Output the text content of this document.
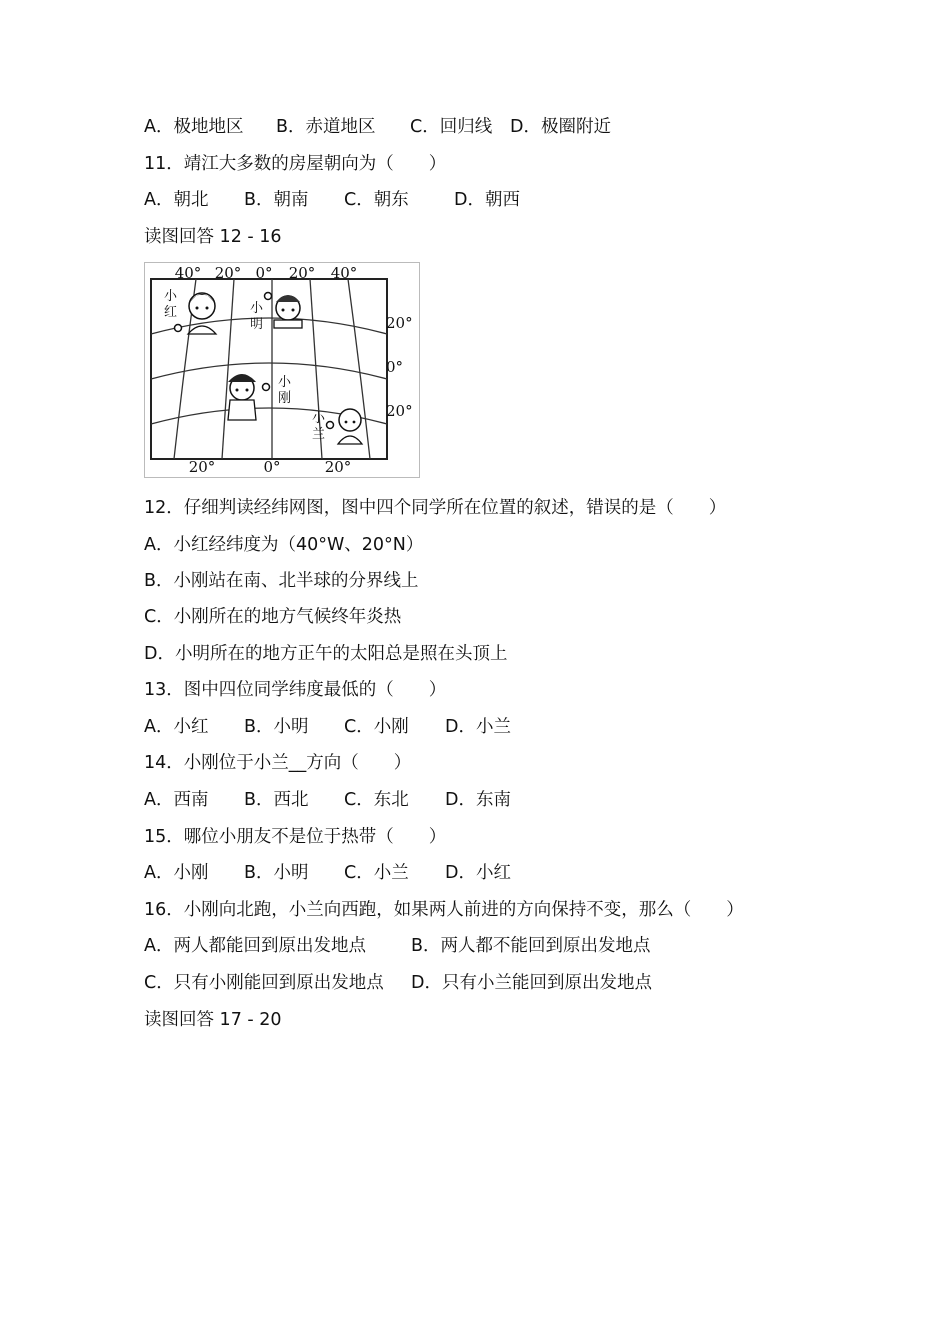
A．极地地区 B．赤道地区 C．回归线 D．极圈附近
11．靖江大多数的房屋朝向为（　　）
A．朝北 B．朝南 C．朝东	D．朝西
读图回答 12 - 16
40° 20° 0° 20° 40°
20°
0°
20°
20°	0°	20°
小
红	小
明
小
刚
小
兰
12．仔细判读经纬网图，图中四个同学所在位置的叙述，错误的是（　　）
A．小红经纬度为（40°W、20°N）
B．小刚站在南、北半球的分界线上
C．小刚所在的地方气候终年炎热
D．小明所在的地方正午的太阳总是照在头顶上
13．图中四位同学纬度最低的（　　）
A．小红 B．小明 C．小刚 D．小兰
14．小刚位于小兰__方向（　　）
A．西南 B．西北 C．东北 D．东南
15．哪位小朋友不是位于热带（　　）
A．小刚 B．小明 C．小兰 D．小红
16．小刚向北跑，小兰向西跑，如果两人前进的方向保持不变，那么（　　）
A．两人都能回到原出发地点	B．两人都不能回到原出发地点
C．只有小刚能回到原出发地点 D．只有小兰能回到原出发地点
读图回答 17 - 20
